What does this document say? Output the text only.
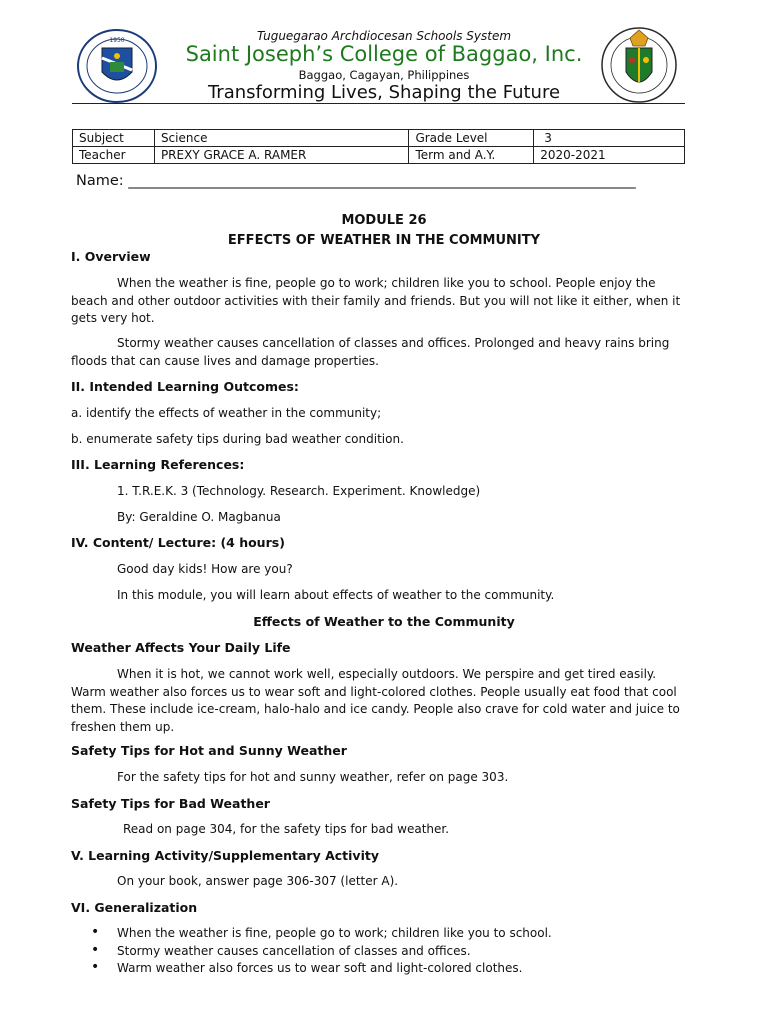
Tuguegarao Archdiocesan Schools System
Saint Joseph’s College of Baggao, Inc.
Baggao, Cagayan, Philippines
Transforming Lives, Shaping the Future
1950
Subject	Science	Grade Level	3
Teacher	PREXY GRACE A. RAMER	Term and A.Y.	2020-2021
Name: ______________________________________________________________________
MODULE 26
EFFECTS OF WEATHER IN THE COMMUNITY
I. Overview
When the weather is fine, people go to work; children like you to school. People enjoy the beach and other outdoor activities with their family and friends. But you will not like it either, when it gets very hot.
Stormy weather causes cancellation of classes and offices. Prolonged and heavy rains bring floods that can cause lives and damage properties.
II. Intended Learning Outcomes:
a. identify the effects of weather in the community;
b. enumerate safety tips during bad weather condition.
III. Learning References:
1. T.R.E.K. 3 (Technology. Research. Experiment. Knowledge)
By: Geraldine O. Magbanua
IV. Content/ Lecture: (4 hours)
Good day kids! How are you?
In this module, you will learn about effects of weather to the community.
Effects of Weather to the Community
Weather Affects Your Daily Life
When it is hot, we cannot work well, especially outdoors. We perspire and get tired easily. Warm weather also forces us to wear soft and light-colored clothes. People usually eat food that cool them. These include ice-cream, halo-halo and ice candy. People also crave for cold water and juice to freshen them up.
Safety Tips for Hot and Sunny Weather
For the safety tips for hot and sunny weather, refer on page 303.
Safety Tips for Bad Weather
Read on page 304, for the safety tips for bad weather.
V. Learning Activity/Supplementary Activity
On your book, answer page 306-307 (letter A).
VI. Generalization
• When the weather is fine, people go to work; children like you to school.
• Stormy weather causes cancellation of classes and offices.
• Warm weather also forces us to wear soft and light-colored clothes.
